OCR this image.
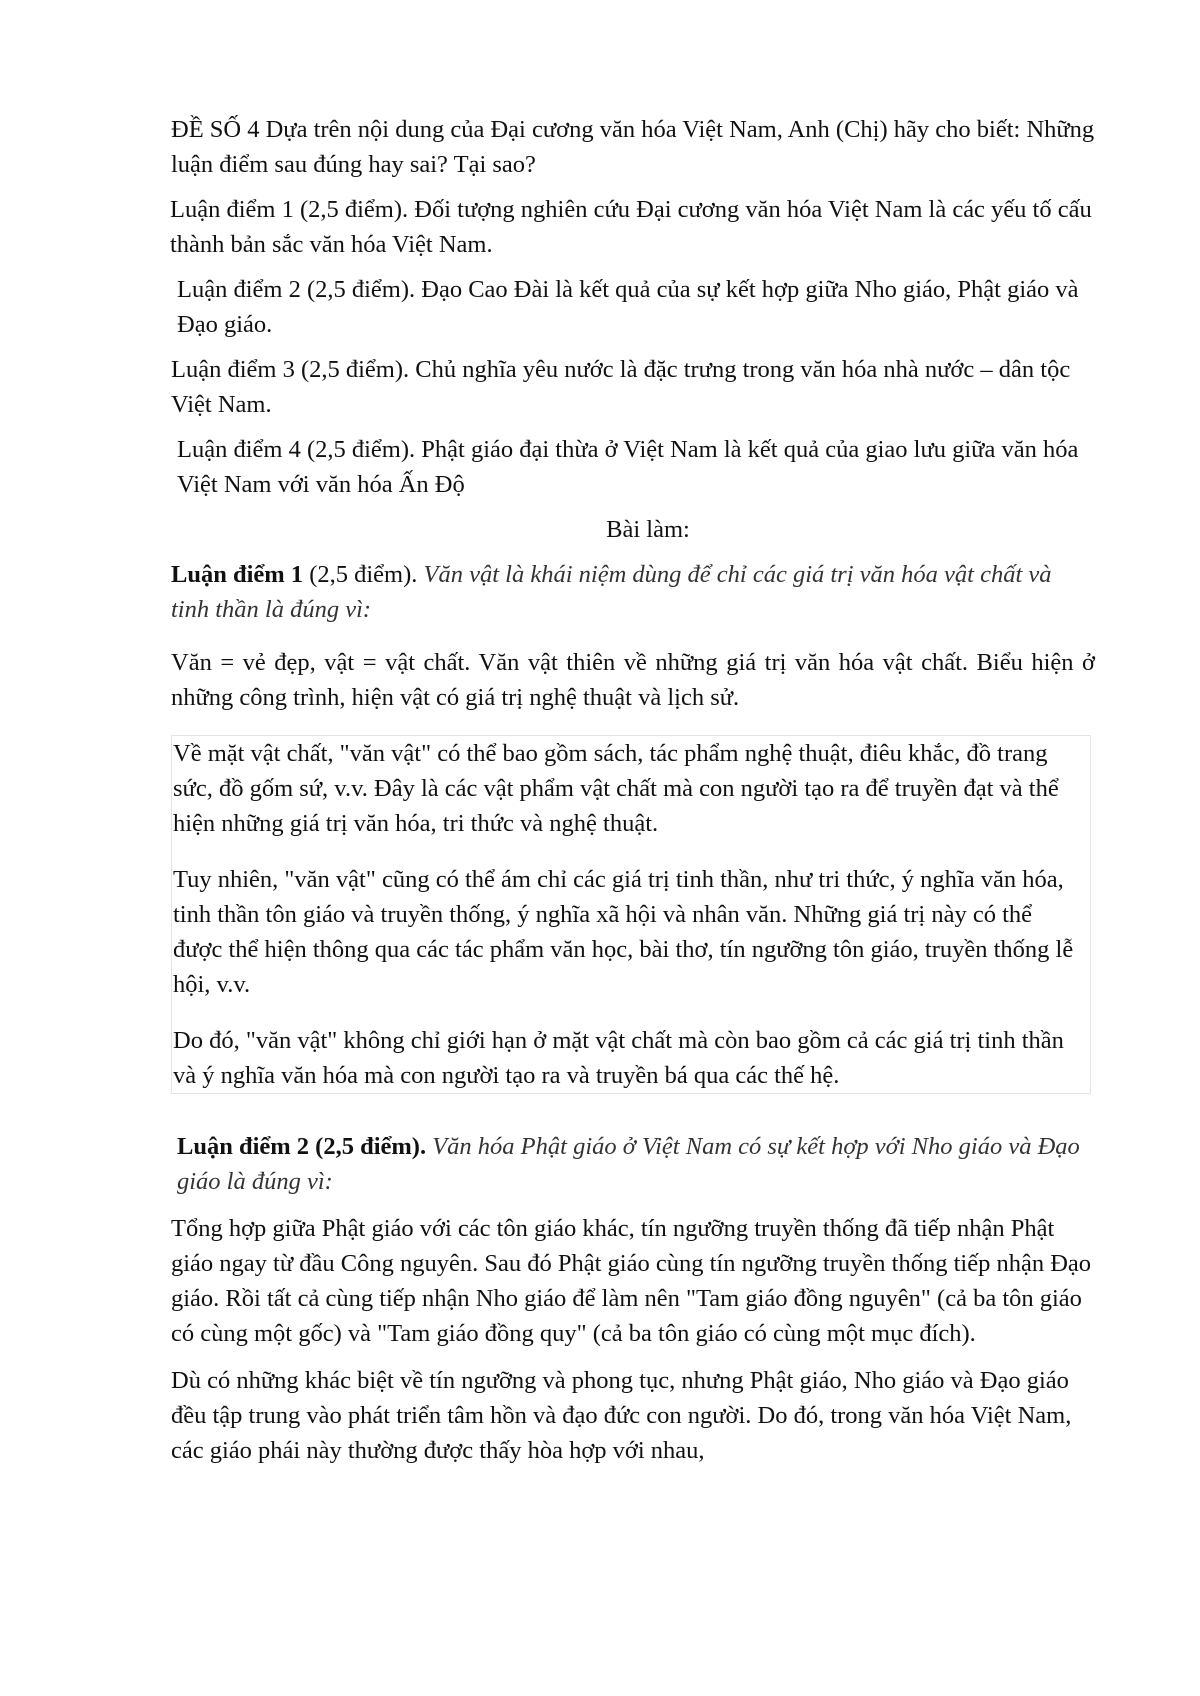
ĐỀ SỐ 4 Dựa trên nội dung của Đại cương văn hóa Việt Nam, Anh (Chị) hãy cho biết: Những luận điểm sau đúng hay sai? Tại sao?

Luận điểm 1 (2,5 điểm). Đối tượng nghiên cứu Đại cương văn hóa Việt Nam là các yếu tố cấu thành bản sắc văn hóa Việt Nam.

Luận điểm 2 (2,5 điểm). Đạo Cao Đài là kết quả của sự kết hợp giữa Nho giáo, Phật giáo và Đạo giáo.

Luận điểm 3 (2,5 điểm). Chủ nghĩa yêu nước là đặc trưng trong văn hóa nhà nước – dân tộc Việt Nam.

Luận điểm 4 (2,5 điểm). Phật giáo đại thừa ở Việt Nam là kết quả của giao lưu giữa văn hóa Việt Nam với văn hóa Ấn Độ

Bài làm:

Luận điểm 1 (2,5 điểm). Văn vật là khái niệm dùng để chỉ các giá trị văn hóa vật chất và tinh thần là đúng vì:

Văn = vẻ đẹp, vật = vật chất. Văn vật thiên về những giá trị văn hóa vật chất. Biểu hiện ở những công trình, hiện vật có giá trị nghệ thuật và lịch sử.

Về mặt vật chất, "văn vật" có thể bao gồm sách, tác phẩm nghệ thuật, điêu khắc, đồ trang sức, đồ gốm sứ, v.v. Đây là các vật phẩm vật chất mà con người tạo ra để truyền đạt và thể hiện những giá trị văn hóa, tri thức và nghệ thuật.

Tuy nhiên, "văn vật" cũng có thể ám chỉ các giá trị tinh thần, như tri thức, ý nghĩa văn hóa, tinh thần tôn giáo và truyền thống, ý nghĩa xã hội và nhân văn. Những giá trị này có thể được thể hiện thông qua các tác phẩm văn học, bài thơ, tín ngưỡng tôn giáo, truyền thống lễ hội, v.v.

Do đó, "văn vật" không chỉ giới hạn ở mặt vật chất mà còn bao gồm cả các giá trị tinh thần và ý nghĩa văn hóa mà con người tạo ra và truyền bá qua các thế hệ.

Luận điểm 2 (2,5 điểm). Văn hóa Phật giáo ở Việt Nam có sự kết hợp với Nho giáo và Đạo giáo là đúng vì:

Tổng hợp giữa Phật giáo với các tôn giáo khác, tín ngưỡng truyền thống đã tiếp nhận Phật giáo ngay từ đầu Công nguyên. Sau đó Phật giáo cùng tín ngưỡng truyền thống tiếp nhận Đạo giáo. Rồi tất cả cùng tiếp nhận Nho giáo để làm nên "Tam giáo đồng nguyên" (cả ba tôn giáo có cùng một gốc) và "Tam giáo đồng quy" (cả ba tôn giáo có cùng một mục đích).

Dù có những khác biệt về tín ngưỡng và phong tục, nhưng Phật giáo, Nho giáo và Đạo giáo đều tập trung vào phát triển tâm hồn và đạo đức con người. Do đó, trong văn hóa Việt Nam, các giáo phái này thường được thấy hòa hợp với nhau,
